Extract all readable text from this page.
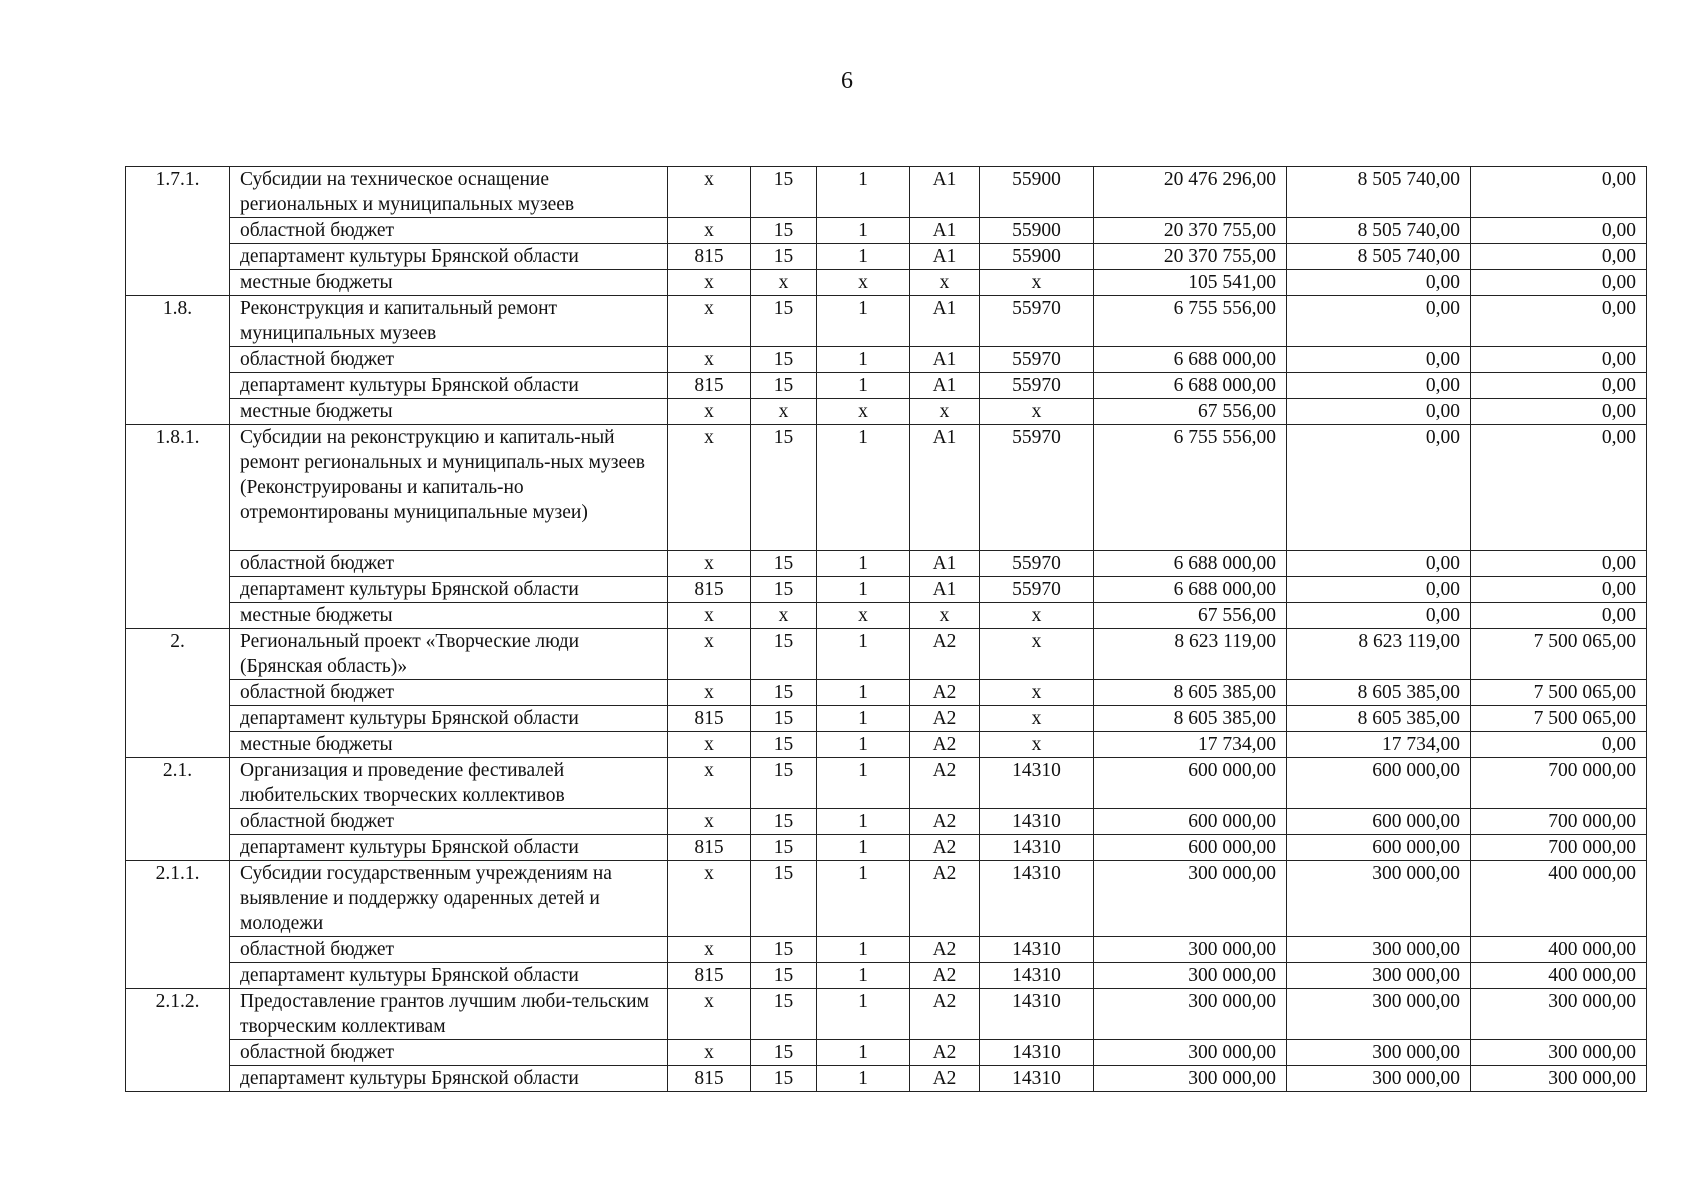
6
1.7.1.	Субсидии на техническое оснащение региональных и муниципальных музеев	х	15	1	А1	55900	20 476 296,00	8 505 740,00	0,00
	областной бюджет	х	15	1	А1	55900	20 370 755,00	8 505 740,00	0,00
	департамент культуры Брянской области	815	15	1	А1	55900	20 370 755,00	8 505 740,00	0,00
	местные бюджеты	х	х	х	х	х	105 541,00	0,00	0,00
1.8.	Реконструкция и капитальный ремонт муниципальных музеев	х	15	1	А1	55970	6 755 556,00	0,00	0,00
	областной бюджет	х	15	1	А1	55970	6 688 000,00	0,00	0,00
	департамент культуры Брянской области	815	15	1	А1	55970	6 688 000,00	0,00	0,00
	местные бюджеты	х	х	х	х	х	67 556,00	0,00	0,00
1.8.1.	Субсидии на реконструкцию и капиталь-ный ремонт региональных и муниципаль-ных музеев (Реконструированы и капиталь-но отремонтированы муниципальные музеи)	х	15	1	А1	55970	6 755 556,00	0,00	0,00
	областной бюджет	х	15	1	А1	55970	6 688 000,00	0,00	0,00
	департамент культуры Брянской области	815	15	1	А1	55970	6 688 000,00	0,00	0,00
	местные бюджеты	х	х	х	х	х	67 556,00	0,00	0,00
2.	Региональный проект «Творческие люди (Брянская область)»	х	15	1	А2	х	8 623 119,00	8 623 119,00	7 500 065,00
	областной бюджет	х	15	1	А2	х	8 605 385,00	8 605 385,00	7 500 065,00
	департамент культуры Брянской области	815	15	1	А2	х	8 605 385,00	8 605 385,00	7 500 065,00
	местные бюджеты	х	15	1	А2	х	17 734,00	17 734,00	0,00
2.1.	Организация и проведение фестивалей любительских творческих коллективов	х	15	1	А2	14310	600 000,00	600 000,00	700 000,00
	областной бюджет	х	15	1	А2	14310	600 000,00	600 000,00	700 000,00
	департамент культуры Брянской области	815	15	1	А2	14310	600 000,00	600 000,00	700 000,00
2.1.1.	Субсидии государственным учреждениям на выявление и поддержку одаренных детей и молодежи	х	15	1	А2	14310	300 000,00	300 000,00	400 000,00
	областной бюджет	х	15	1	А2	14310	300 000,00	300 000,00	400 000,00
	департамент культуры Брянской области	815	15	1	А2	14310	300 000,00	300 000,00	400 000,00
2.1.2.	Предоставление грантов лучшим люби-тельским творческим коллективам	х	15	1	А2	14310	300 000,00	300 000,00	300 000,00
	областной бюджет	х	15	1	А2	14310	300 000,00	300 000,00	300 000,00
	департамент культуры Брянской области	815	15	1	А2	14310	300 000,00	300 000,00	300 000,00
